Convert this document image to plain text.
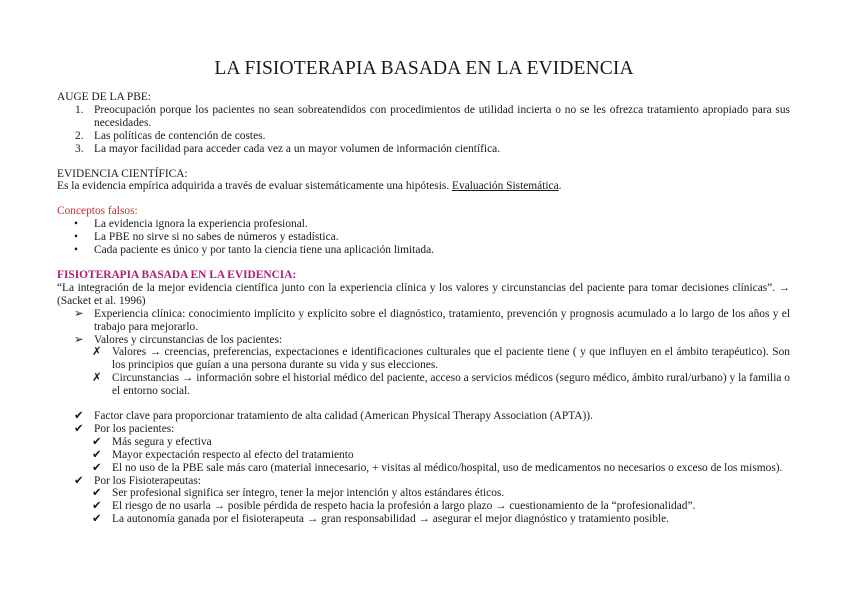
LA FISIOTERAPIA BASADA EN LA EVIDENCIA

AUGE DE LA PBE:

1. Preocupación porque los pacientes no sean sobreatendidos con procedimientos de utilidad incierta o no se les ofrezca tratamiento apropiado para sus necesidades.
2. Las políticas de contención de costes.
3. La mayor facilidad para acceder cada vez a un mayor volumen de información científica.

EVIDENCIA CIENTÍFICA:

Es la evidencia empírica adquirida a través de evaluar sistemáticamente una hipótesis. Evaluación Sistemática.

Conceptos falsos:

• La evidencia ignora la experiencia profesional.
• La PBE no sirve si no sabes de números y estadística.
• Cada paciente es único y por tanto la ciencia tiene una aplicación limitada.

FISIOTERAPIA BASADA EN LA EVIDENCIA:

“La integración de la mejor evidencia científica junto con la experiencia clínica y los valores y circunstancias del paciente para tomar decisiones clínicas”. → (Sacket et al. 1996)

➢ Experiencia clínica: conocimiento implícito y explícito sobre el diagnóstico, tratamiento, prevención y prognosis acumulado a lo largo de los años y el trabajo para mejorarlo.
➢ Valores y circunstancias de los pacientes:
✗ Valores → creencias, preferencias, expectaciones e identificaciones culturales que el paciente tiene ( y que influyen en el ámbito terapéutico). Son los principios que guían a una persona durante su vida y sus elecciones.
✗ Circunstancias → información sobre el historial médico del paciente, acceso a servicios médicos (seguro médico, ámbito rural/urbano) y la familia o el entorno social.
✔ Factor clave para proporcionar tratamiento de alta calidad (American Physical Therapy Association (APTA)).
✔ Por los pacientes:
✔ Más segura y efectiva
✔ Mayor expectación respecto al efecto del tratamiento
✔ El no uso de la PBE sale más caro (material innecesario, + visitas al médico/hospital, uso de medicamentos no necesarios o exceso de los mismos).
✔ Por los Fisioterapeutas:
✔ Ser profesional significa ser íntegro, tener la mejor intención y altos estándares éticos.
✔ El riesgo de no usarla → posible pérdida de respeto hacia la profesión a largo plazo → cuestionamiento de la “profesionalidad”.
✔ La autonomía ganada por el fisioterapeuta → gran responsabilidad → asegurar el mejor diagnóstico y tratamiento posible.
